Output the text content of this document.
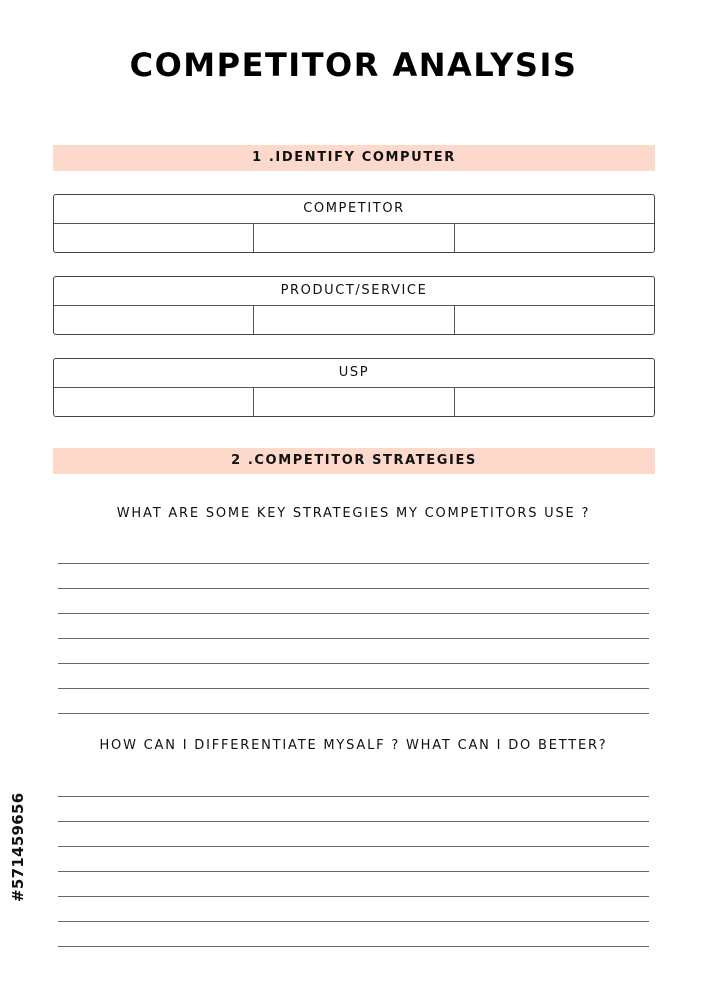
COMPETITOR ANALYSIS
1 .IDENTIFY COMPUTER
COMPETITOR
PRODUCT/SERVICE
USP
2 .COMPETITOR STRATEGIES
WHAT ARE SOME KEY STRATEGIES MY COMPETITORS USE ?
HOW CAN I DIFFERENTIATE MYSALF ? WHAT CAN I DO BETTER?
#571459656
